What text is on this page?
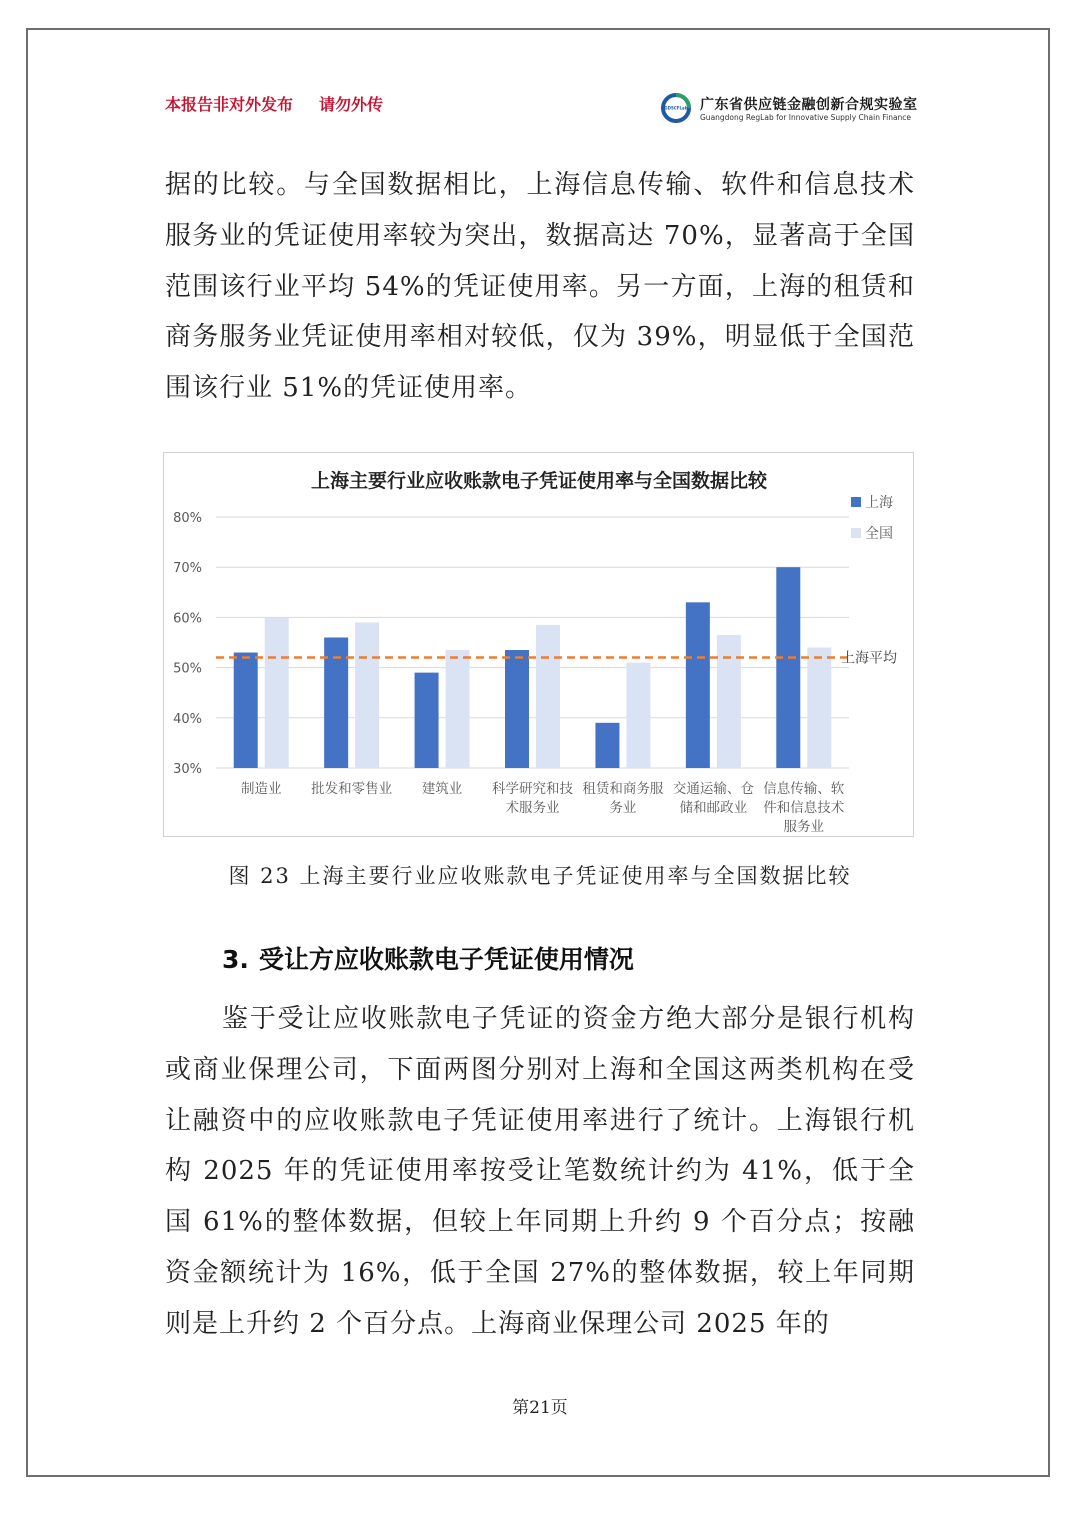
本报告非对外发布 请勿外传	GDSCFLab 广东省供应链金融创新合规实验室
Guangdong RegLab for Innovative Supply Chain Finance
据的比较。与全国数据相比，上海信息传输、软件和信息技术服务业的凭证使用率较为突出，数据高达 70%，显著高于全国范围该行业平均 54%的凭证使用率。另一方面，上海的租赁和商务服务业凭证使用率相对较低，仅为 39%，明显低于全国范围该行业 51%的凭证使用率。
上海主要行业应收账款电子凭证使用率与全国数据比较
80%
70%
60%
50%
40%
30%
制造业 批发和零售业 建筑业 科学研究和技
术服务业
租赁和商务服
务业
交通运输、仓
储和邮政业
信息传输、软
件和信息技术
服务业
上海平均
上海
全国
图 23 上海主要行业应收账款电子凭证使用率与全国数据比较
3. 受让方应收账款电子凭证使用情况
鉴于受让应收账款电子凭证的资金方绝大部分是银行机构或商业保理公司，下面两图分别对上海和全国这两类机构在受让融资中的应收账款电子凭证使用率进行了统计。上海银行机构 2025 年的凭证使用率按受让笔数统计约为 41%，低于全国 61%的整体数据，但较上年同期上升约 9 个百分点；按融资金额统计为 16%，低于全国 27%的整体数据，较上年同期则是上升约 2 个百分点。上海商业保理公司 2025 年的
第21页
